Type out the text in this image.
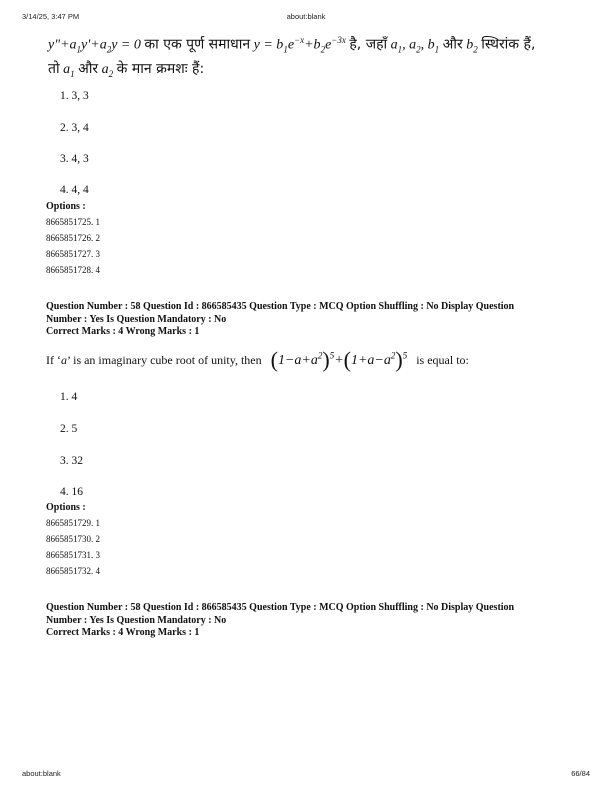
3/14/25, 3:47 PM	about:blank
$y"+a_1y'+a_2y = 0$ का एक पूर्ण समाधान $y = b_1e^{-x}+b_2e^{-3x}$ है, जहाँ $a_1$, $a_2$, $b_1$ और $b_2$ स्थिरांक हैं,
तो $a_1$ और $a_2$ के मान क्रमशः हैं:
1. 3, 3
2. 3, 4
3. 4, 3
4. 4, 4
Options :
8665851725. 1
8665851726. 2
8665851727. 3
8665851728. 4
Question Number : 58 Question Id : 866585435 Question Type : MCQ Option Shuffling : No Display Question
Number : Yes Is Question Mandatory : No
Correct Marks : 4 Wrong Marks : 1
If ‘a’ is an imaginary cube root of unity, then $(1-a+a^2)^5+(1+a-a^2)^5$ is equal to:
1. 4
2. 5
3. 32
4. 16
Options :
8665851729. 1
8665851730. 2
8665851731. 3
8665851732. 4
Question Number : 58 Question Id : 866585435 Question Type : MCQ Option Shuffling : No Display Question
Number : Yes Is Question Mandatory : No
Correct Marks : 4 Wrong Marks : 1
about:blank	66/84
